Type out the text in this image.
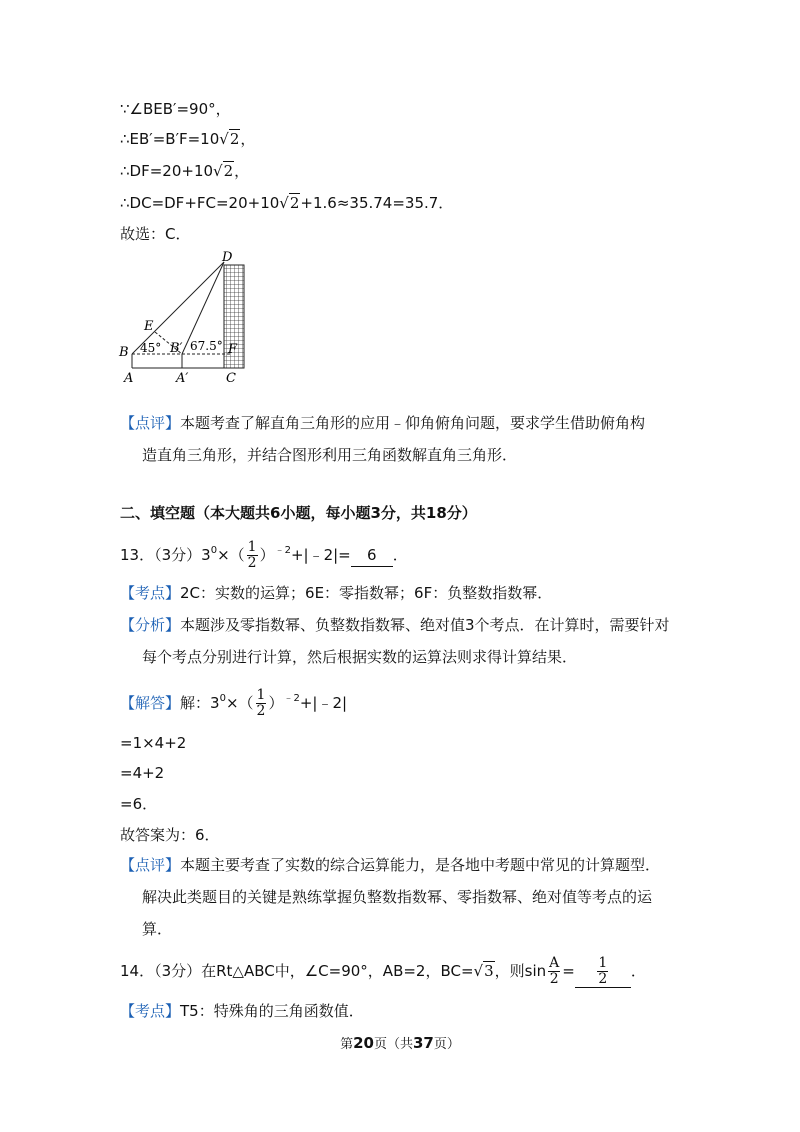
∵∠BEB′=90°，
∴EB′=B′F=10√2，
∴DF=20+10√2，
∴DC=DF+FC=20+10√2+1.6≈35.74=35.7．
故选：C．
D
E
B	B′	F
A	A′	C
45° 67.5°
【点评】本题考查了解直角三角形的应用﹣仰角俯角问题，要求学生借助俯角构
造直角三角形，并结合图形利用三角函数解直角三角形．
二、填空题（本大题共6小题，每小题3分，共18分）
13．（3分）$3^0\times( \frac{1}{2}$ ）$^{﹣2}+|﹣2|= 6$ ．
【考点】2C：实数的运算；6E：零指数幂；6F：负整数指数幂．
【分析】本题涉及零指数幂、负整数指数幂、绝对值3个考点．在计算时，需要针对
每个考点分别进行计算，然后根据实数的运算法则求得计算结果．
【解答】解：$3^0\times( \frac{1}{2}$ ）$^{﹣2}+|﹣2|$
=1×4+2
=4+2
=6．
故答案为：6．
【点评】本题主要考查了实数的综合运算能力，是各地中考题中常见的计算题型．
解决此类题目的关键是熟练掌握负整数指数幂、零指数幂、绝对值等考点的运
算．
14．（3分）在Rt△ABC中，∠C=90°，AB=2，BC=√3，则$\sin \frac{A}{2} = \frac{1}{2}$ ．
【考点】T5：特殊角的三角函数值．
第20页（共37页）
